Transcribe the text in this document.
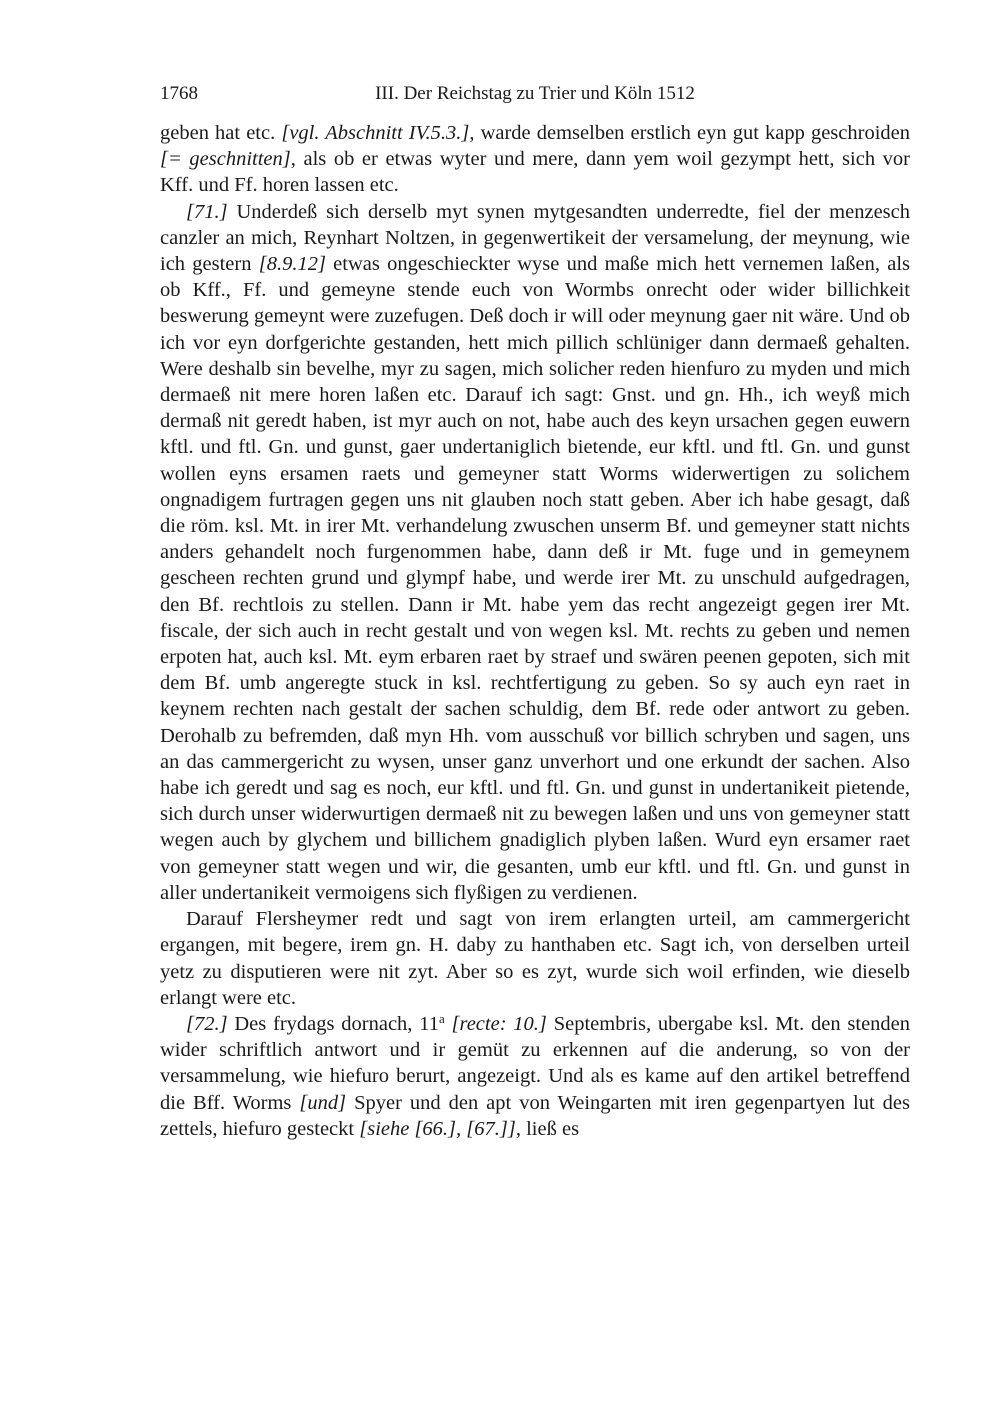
1768	III. Der Reichstag zu Trier und Köln 1512

geben hat etc. [vgl. Abschnitt IV.5.3.], warde demselben erstlich eyn gut kapp geschroiden [= geschnitten], als ob er etwas wyter und mere, dann yem woil gezympt hett, sich vor Kff. und Ff. horen lassen etc.

[71.] Underdeß sich derselb myt synen mytgesandten underredte, fiel der menzesch canzler an mich, Reynhart Noltzen, in gegenwertikeit der versamelung, der meynung, wie ich gestern [8.9.12] etwas ongeschieckter wyse und maße mich hett vernemen laßen, als ob Kff., Ff. und gemeyne stende euch von Wormbs onrecht oder wider billichkeit beswerung gemeynt were zuzefugen. Deß doch ir will oder meynung gaer nit wäre. Und ob ich vor eyn dorfgerichte gestanden, hett mich pillich schlüniger dann dermaeß gehalten. Were deshalb sin bevelhe, myr zu sagen, mich solicher reden hienfuro zu myden und mich dermaeß nit mere horen laßen etc. Darauf ich sagt: Gnst. und gn. Hh., ich weyß mich dermaß nit geredt haben, ist myr auch on not, habe auch des keyn ursachen gegen euwern kftl. und ftl. Gn. und gunst, gaer undertaniglich bietende, eur kftl. und ftl. Gn. und gunst wollen eyns ersamen raets und gemeyner statt Worms widerwertigen zu solichem ongnadigem furtragen gegen uns nit glauben noch statt geben. Aber ich habe gesagt, daß die röm. ksl. Mt. in irer Mt. verhandelung zwuschen unserm Bf. und gemeyner statt nichts anders gehandelt noch furgenommen habe, dann deß ir Mt. fuge und in gemeynem gescheen rechten grund und glympf habe, und werde irer Mt. zu unschuld aufgedragen, den Bf. rechtlois zu stellen. Dann ir Mt. habe yem das recht angezeigt gegen irer Mt. fiscale, der sich auch in recht gestalt und von wegen ksl. Mt. rechts zu geben und nemen erpoten hat, auch ksl. Mt. eym erbaren raet by straef und swären peenen gepoten, sich mit dem Bf. umb angeregte stuck in ksl. rechtfertigung zu geben. So sy auch eyn raet in keynem rechten nach gestalt der sachen schuldig, dem Bf. rede oder antwort zu geben. Derohalb zu befremden, daß myn Hh. vom ausschuß vor billich schryben und sagen, uns an das cammergericht zu wysen, unser ganz unverhort und one erkundt der sachen. Also habe ich geredt und sag es noch, eur kftl. und ftl. Gn. und gunst in undertanikeit pietende, sich durch unser widerwurtigen dermaeß nit zu bewegen laßen und uns von gemeyner statt wegen auch by glychem und billichem gnadiglich plyben laßen. Wurd eyn ersamer raet von gemeyner statt wegen und wir, die gesanten, umb eur kftl. und ftl. Gn. und gunst in aller undertanikeit vermoigens sich flyßigen zu verdienen.

Darauf Flersheymer redt und sagt von irem erlangten urteil, am cammergericht ergangen, mit begere, irem gn. H. daby zu hanthaben etc. Sagt ich, von derselben urteil yetz zu disputieren were nit zyt. Aber so es zyt, wurde sich woil erfinden, wie dieselb erlangt were etc.

[72.] Des frydags dornach, 11$^a$ [recte: 10.] Septembris, ubergabe ksl. Mt. den stenden wider schriftlich antwort und ir gemüt zu erkennen auf die anderung, so von der versammelung, wie hiefuro berurt, angezeigt. Und als es kame auf den artikel betreffend die Bff. Worms [und] Spyer und den apt von Weingarten mit iren gegenpartyen lut des zettels, hiefuro gesteckt [siehe [66.], [67.]], ließ es
